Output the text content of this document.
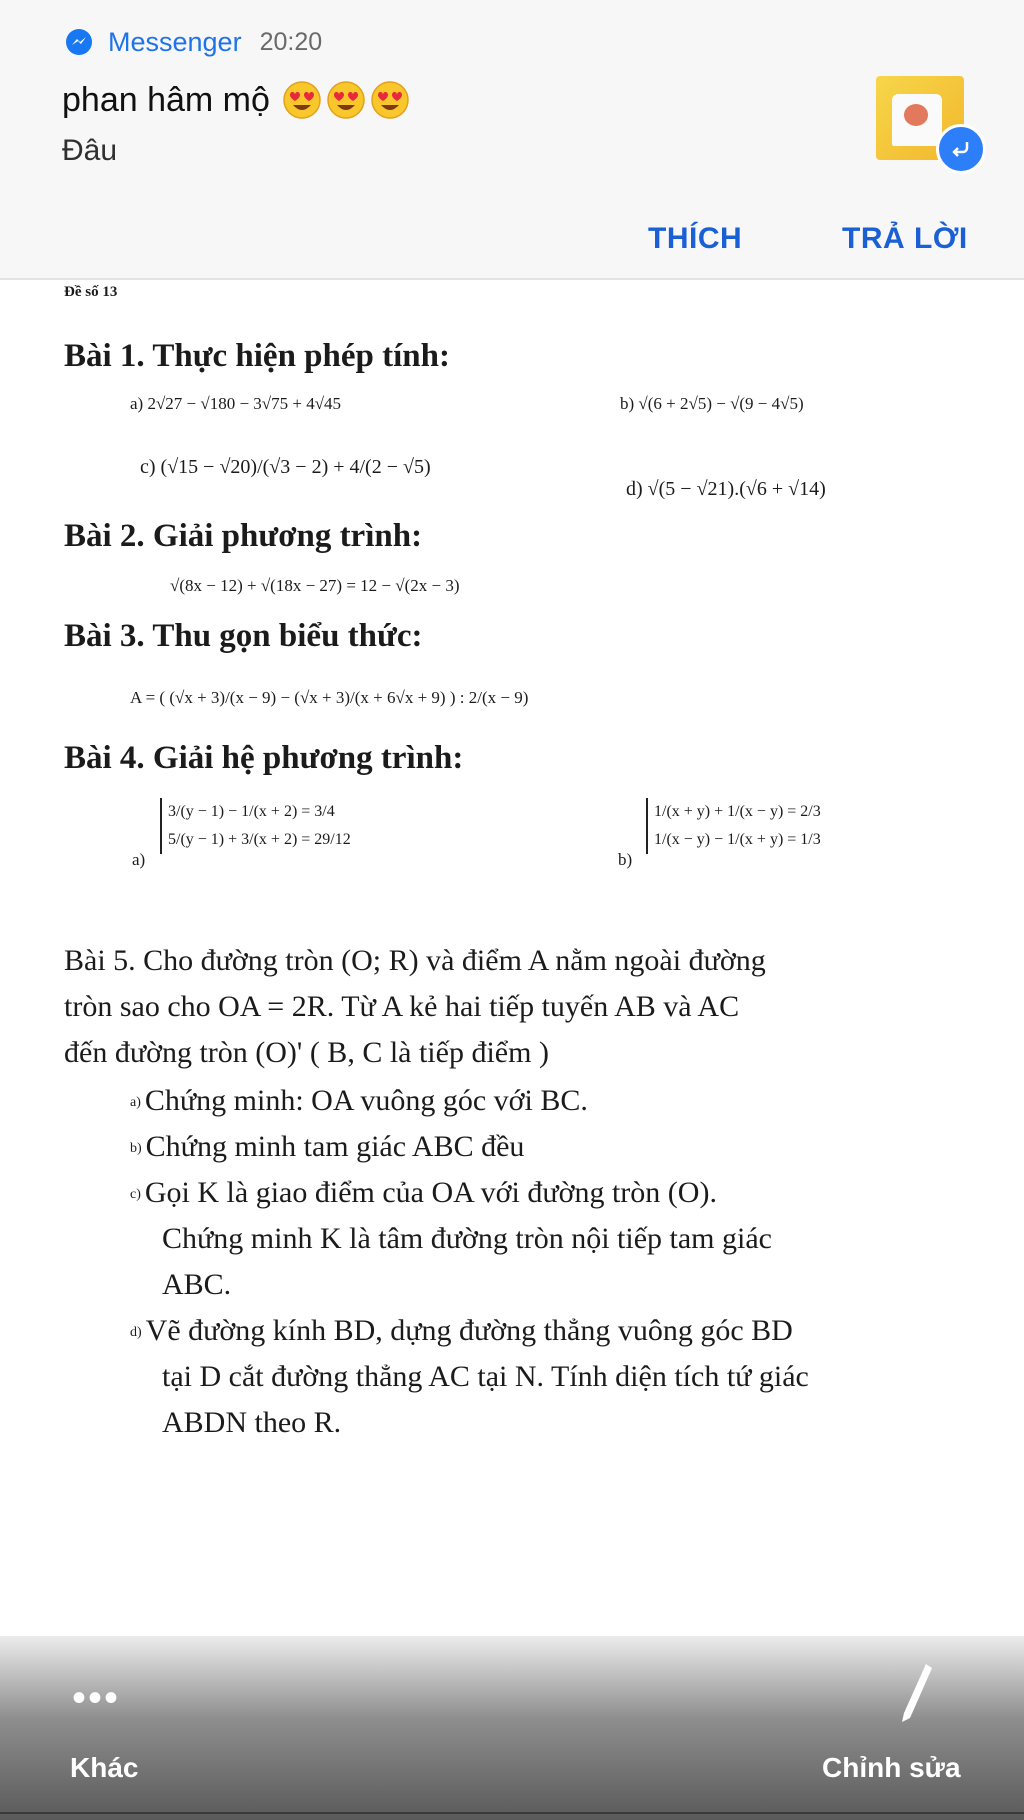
Messenger 20:20
phan hâm mộ
Đâu
THÍCH	TRẢ LỜI
Đề số 13
Bài 1. Thực hiện phép tính:
a) 2√27 − √180 − 3√75 + 4√45	b) √(6 + 2√5) − √(9 − 4√5)
c) (√15 − √20)/(√3 − 2) + 4/(2 − √5)
d) √(5 − √21).(√6 + √14)
Bài 2. Giải phương trình:
√(8x − 12) + √(18x − 27) = 12 − √(2x − 3)
Bài 3. Thu gọn biểu thức:
A = ( (√x + 3)/(x − 9) − (√x + 3)/(x + 6√x + 9) ) : 2/(x − 9)
Bài 4. Giải hệ phương trình:
a)
3/(y − 1) − 1/(x + 2) = 3/4
5/(y − 1) + 3/(x + 2) = 29/12
b)
1/(x + y) + 1/(x − y) = 2/3
1/(x − y) − 1/(x + y) = 1/3
Bài 5. Cho đường tròn (O; R) và điểm A nằm ngoài đường
tròn sao cho OA = 2R. Từ A kẻ hai tiếp tuyến AB và AC
đến đường tròn (O)' ( B, C là tiếp điểm )
a) Chứng minh: OA vuông góc với BC.
b) Chứng minh tam giác ABC đều
c) Gọi K là giao điểm của OA với đường tròn (O).
Chứng minh K là tâm đường tròn nội tiếp tam giác
ABC.
d) Vẽ đường kính BD, dựng đường thẳng vuông góc BD
tại D cắt đường thẳng AC tại N. Tính diện tích tứ giác
ABDN theo R.
•••
Khác	Chỉnh sửa
